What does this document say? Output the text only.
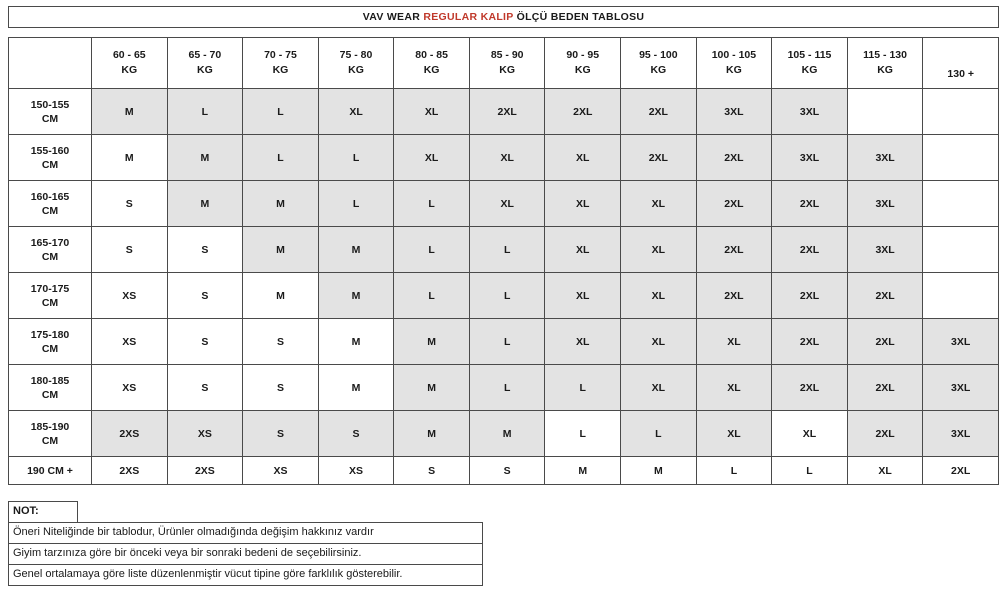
VAV WEAR REGULAR KALIP ÖLÇÜ BEDEN TABLOSU
	60 - 65
KG	65 - 70
KG	70 - 75
KG	75 - 80
KG	80 - 85
KG	85 - 90
KG	90 - 95
KG	95 - 100
KG	100 - 105
KG	105 - 115
KG	115 - 130
KG	130 +
150-155
CM	M	L	L	XL	XL	2XL	2XL	2XL	3XL	3XL		
155-160
CM	M	M	L	L	XL	XL	XL	2XL	2XL	3XL	3XL	
160-165
CM	S	M	M	L	L	XL	XL	XL	2XL	2XL	3XL	
165-170
CM	S	S	M	M	L	L	XL	XL	2XL	2XL	3XL	
170-175
CM	XS	S	M	M	L	L	XL	XL	2XL	2XL	2XL	
175-180
CM	XS	S	S	M	M	L	XL	XL	XL	2XL	2XL	3XL
180-185
CM	XS	S	S	M	M	L	L	XL	XL	2XL	2XL	3XL
185-190
CM	2XS	XS	S	S	M	M	L	L	XL	XL	2XL	3XL
190 CM +	2XS	2XS	XS	XS	S	S	M	M	L	L	XL	2XL
NOT:
Öneri Niteliğinde bir tablodur, Ürünler olmadığında değişim hakkınız vardır
Giyim tarzınıza göre bir önceki veya bir sonraki bedeni de seçebilirsiniz.
Genel ortalamaya göre liste düzenlenmiştir vücut tipine göre farklılık gösterebilir.
